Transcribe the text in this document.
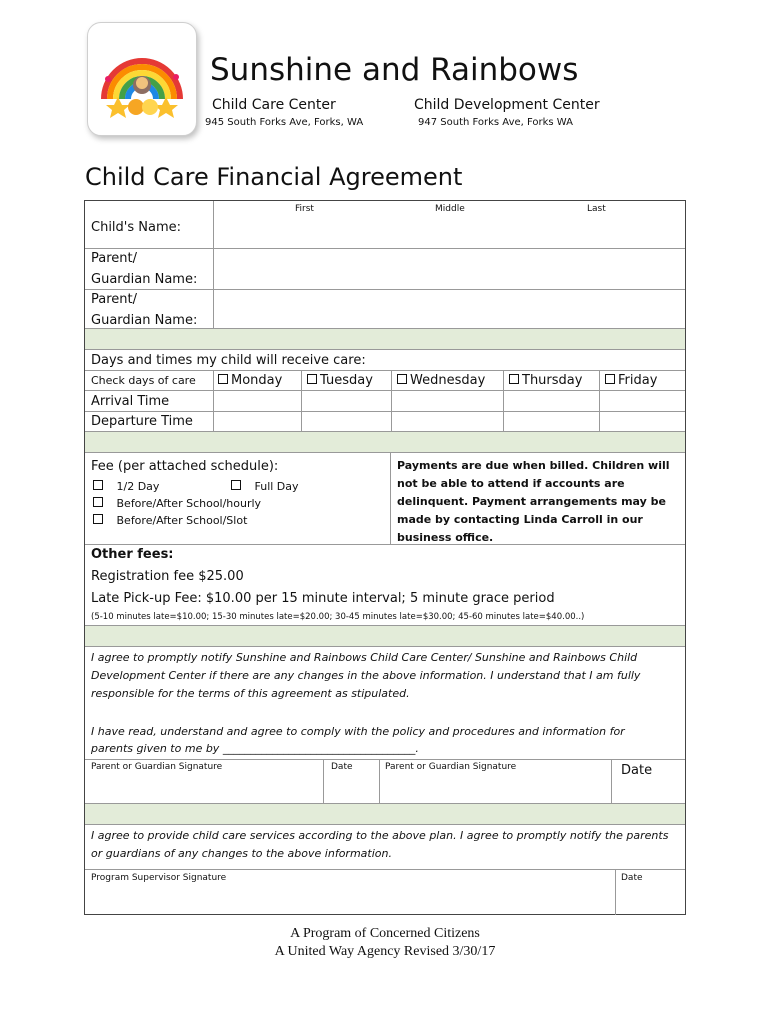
Sunshine and Rainbows
Child Care Center
945 South Forks Ave, Forks, WA
Child Development Center
947 South Forks Ave, Forks WA
Child Care Financial Agreement
First	Middle	Last
Child's Name:
Parent/
Guardian Name:
Parent/
Guardian Name:
Days and times my child will receive care:
Check days of care	Monday	Tuesday	Wednesday	Thursday	Friday
Arrival Time
Departure Time
Fee (per attached schedule):
1/2 Day	Full Day
Before/After School/hourly
Before/After School/Slot
Payments are due when billed. Children will not be able to attend if accounts are delinquent. Payment arrangements may be made by contacting Linda Carroll in our business office.
Other fees:
Registration fee $25.00
Late Pick-up Fee: $10.00 per 15 minute interval; 5 minute grace period
(5-10 minutes late=$10.00; 15-30 minutes late=$20.00; 30-45 minutes late=$30.00; 45-60 minutes late=$40.00..)
I agree to promptly notify Sunshine and Rainbows Child Care Center/ Sunshine and Rainbows Child Development Center if there are any changes in the above information. I understand that I am fully responsible for the terms of this agreement as stipulated.
I have read, understand and agree to comply with the policy and procedures and information for
parents given to me by ___________________________________.
Parent or Guardian Signature	Date	Parent or Guardian Signature	Date
I agree to provide child care services according to the above plan. I agree to promptly notify the parents or guardians of any changes to the above information.
Program Supervisor Signature	Date
A Program of Concerned Citizens
A United Way Agency Revised 3/30/17
